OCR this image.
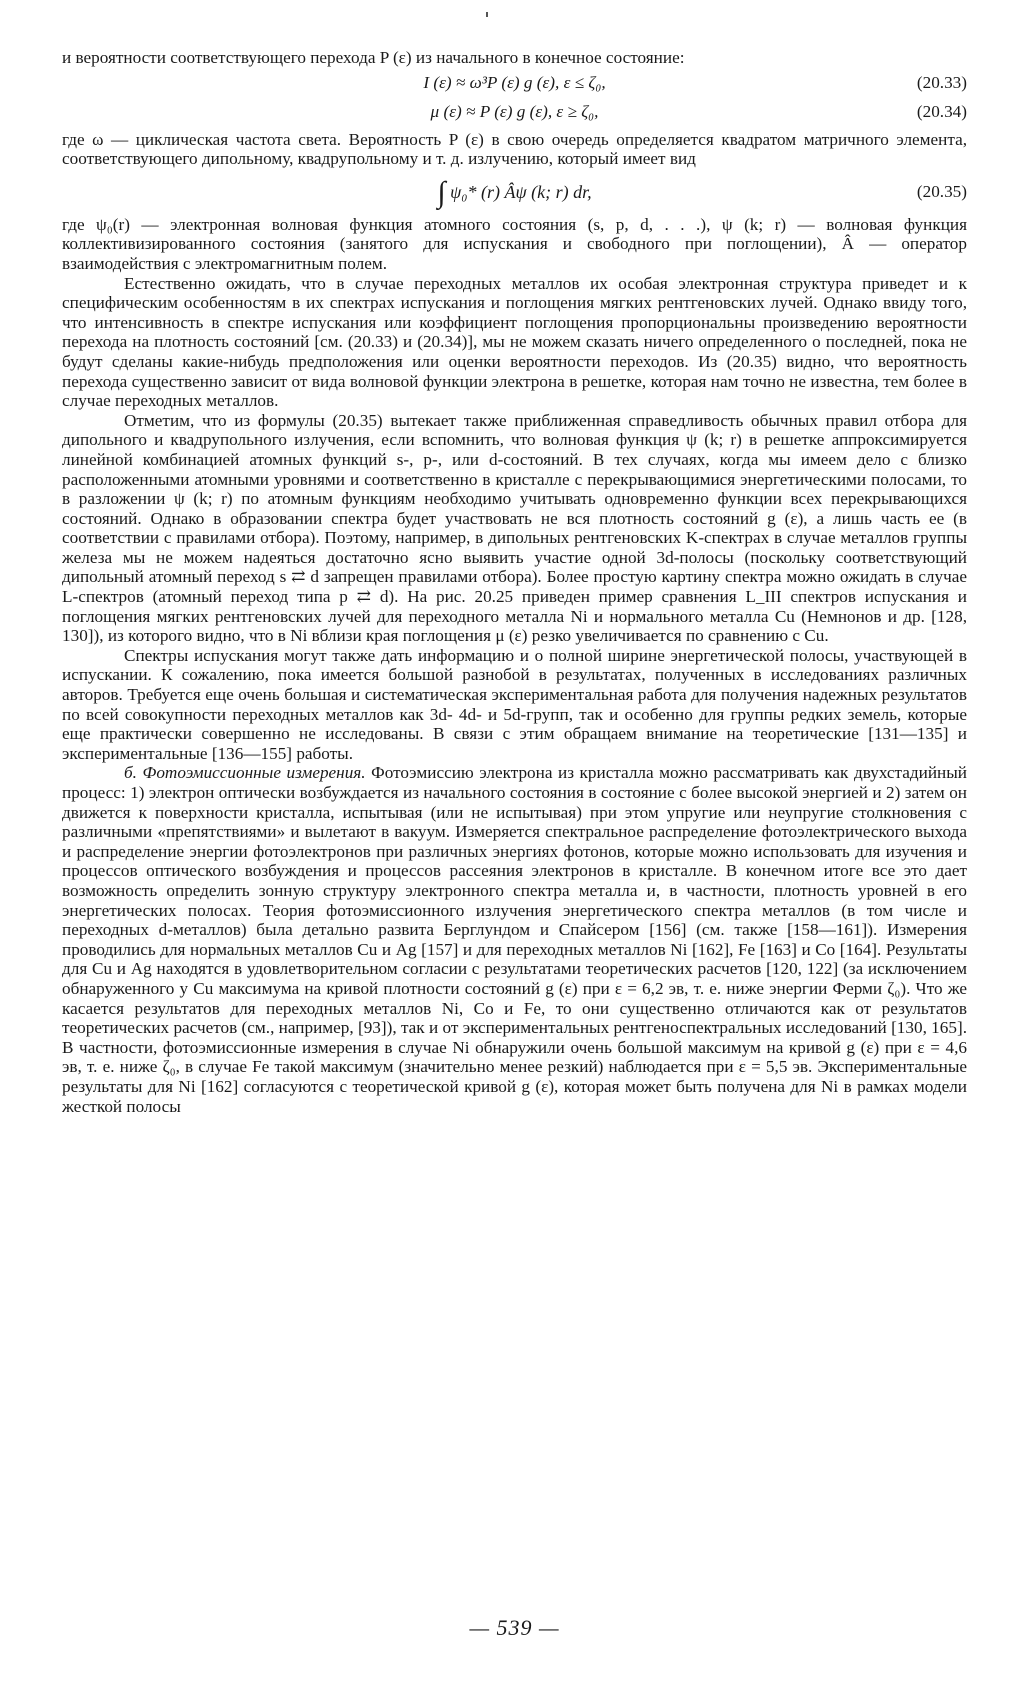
и вероятности соответствующего перехода P (ε) из начального в конечное состояние:

I (ε) ≈ ω³P (ε) g (ε), ε ≤ ζ₀,	(20.33)
μ (ε) ≈ P (ε) g (ε), ε ≥ ζ₀,	(20.34)

где ω — циклическая частота света. Вероятность P (ε) в свою очередь определяется квадратом матричного элемента, соответствующего дипольному, квадрупольному и т. д. излучению, который имеет вид

∫ ψ₀* (r) Âψ (k; r) dr,	(20.35)

где ψ₀(r) — электронная волновая функция атомного состояния (s, p, d, . . .), ψ (k; r) — волновая функция коллективизированного состояния (занятого для испускания и свободного при поглощении), Â — оператор взаимодействия с электромагнитным полем.

Естественно ожидать, что в случае переходных металлов их особая электронная структура приведет и к специфическим особенностям в их спектрах испускания и поглощения мягких рентгеновских лучей. Однако ввиду того, что интенсивность в спектре испускания или коэффициент поглощения пропорциональны произведению вероятности перехода на плотность состояний [см. (20.33) и (20.34)], мы не можем сказать ничего определенного о последней, пока не будут сделаны какие-нибудь предположения или оценки вероятности переходов. Из (20.35) видно, что вероятность перехода существенно зависит от вида волновой функции электрона в решетке, которая нам точно не известна, тем более в случае переходных металлов.

Отметим, что из формулы (20.35) вытекает также приближенная справедливость обычных правил отбора для дипольного и квадрупольного излучения, если вспомнить, что волновая функция ψ (k; r) в решетке аппроксимируется линейной комбинацией атомных функций s-, p-, или d-состояний. В тех случаях, когда мы имеем дело с близко расположенными атомными уровнями и соответственно в кристалле с перекрывающимися энергетическими полосами, то в разложении ψ (k; r) по атомным функциям необходимо учитывать одновременно функции всех перекрывающихся состояний. Однако в образовании спектра будет участвовать не вся плотность состояний g (ε), а лишь часть ее (в соответствии с правилами отбора). Поэтому, например, в дипольных рентгеновских K-спектрах в случае металлов группы железа мы не можем надеяться достаточно ясно выявить участие одной 3d-полосы (поскольку соответствующий дипольный атомный переход s ⇄ d запрещен правилами отбора). Более простую картину спектра можно ожидать в случае L-спектров (атомный переход типа p ⇄ d). На рис. 20.25 приведен пример сравнения L_III спектров испускания и поглощения мягких рентгеновских лучей для переходного металла Ni и нормального металла Cu (Немнонов и др. [128, 130]), из которого видно, что в Ni вблизи края поглощения μ (ε) резко увеличивается по сравнению с Cu.

Спектры испускания могут также дать информацию и о полной ширине энергетической полосы, участвующей в испускании. К сожалению, пока имеется большой разнобой в результатах, полученных в исследованиях различных авторов. Требуется еще очень большая и систематическая экспериментальная работа для получения надежных результатов по всей совокупности переходных металлов как 3d- 4d- и 5d-групп, так и особенно для группы редких земель, которые еще практически совершенно не исследованы. В связи с этим обращаем внимание на теоретические [131—135] и экспериментальные [136—155] работы.

б. Фотоэмиссионные измерения. Фотоэмиссию электрона из кристалла можно рассматривать как двухстадийный процесс: 1) электрон оптически возбуждается из начального состояния в состояние с более высокой энергией и 2) затем он движется к поверхности кристалла, испытывая (или не испытывая) при этом упругие или неупругие столкновения с различными «препятствиями» и вылетают в вакуум. Измеряется спектральное распределение фотоэлектрического выхода и распределение энергии фотоэлектронов при различных энергиях фотонов, которые можно использовать для изучения и процессов оптического возбуждения и процессов рассеяния электронов в кристалле. В конечном итоге все это дает возможность определить зонную структуру электронного спектра металла и, в частности, плотность уровней в его энергетических полосах. Теория фотоэмиссионного излучения энергетического спектра металлов (в том числе и переходных d-металлов) была детально развита Берглундом и Спайсером [156] (см. также [158—161]). Измерения проводились для нормальных металлов Cu и Ag [157] и для переходных металлов Ni [162], Fe [163] и Co [164]. Результаты для Cu и Ag находятся в удовлетворительном согласии с результатами теоретических расчетов [120, 122] (за исключением обнаруженного у Cu максимума на кривой плотности состояний g (ε) при ε = 6,2 эв, т. е. ниже энергии Ферми ζ₀). Что же касается результатов для переходных металлов Ni, Co и Fe, то они существенно отличаются как от результатов теоретических расчетов (см., например, [93]), так и от экспериментальных рентгеноспектральных исследований [130, 165]. В частности, фотоэмиссионные измерения в случае Ni обнаружили очень большой максимум на кривой g (ε) при ε = 4,6 эв, т. е. ниже ζ₀, в случае Fe такой максимум (значительно менее резкий) наблюдается при ε = 5,5 эв. Экспериментальные результаты для Ni [162] согласуются с теоретической кривой g (ε), которая может быть получена для Ni в рамках модели жесткой полосы

— 539 —
